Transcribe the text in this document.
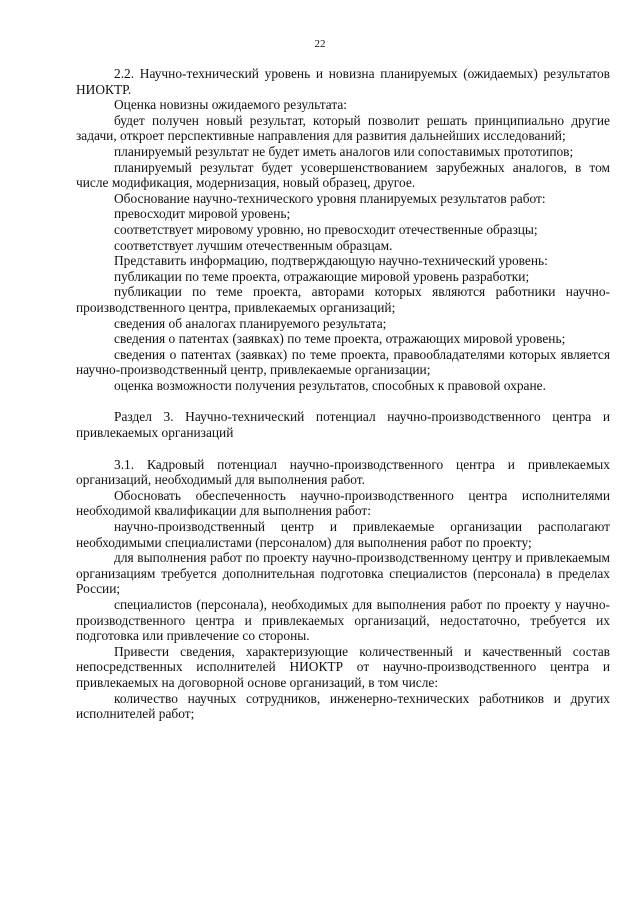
22

2.2. Научно-технический уровень и новизна планируемых (ожидаемых) результатов НИОКТР.

Оценка новизны ожидаемого результата:

будет получен новый результат, который позволит решать принципиально другие задачи, откроет перспективные направления для развития дальнейших исследований;

планируемый результат не будет иметь аналогов или сопоставимых прототипов;

планируемый результат будет усовершенствованием зарубежных аналогов, в том числе модификация, модернизация, новый образец, другое.

Обоснование научно-технического уровня планируемых результатов работ:

превосходит мировой уровень;

соответствует мировому уровню, но превосходит отечественные образцы;

соответствует лучшим отечественным образцам.

Представить информацию, подтверждающую научно-технический уровень:

публикации по теме проекта, отражающие мировой уровень разработки;

публикации по теме проекта, авторами которых являются работники научно-производственного центра, привлекаемых организаций;

сведения об аналогах планируемого результата;

сведения о патентах (заявках) по теме проекта, отражающих мировой уровень;

сведения о патентах (заявках) по теме проекта, правообладателями которых является научно-производственный центр, привлекаемые организации;

оценка возможности получения результатов, способных к правовой охране.

Раздел 3. Научно-технический потенциал научно-производственного центра и привлекаемых организаций

3.1. Кадровый потенциал научно-производственного центра и привлекаемых организаций, необходимый для выполнения работ.

Обосновать обеспеченность научно-производственного центра исполнителями необходимой квалификации для выполнения работ:

научно-производственный центр и привлекаемые организации располагают необходимыми специалистами (персоналом) для выполнения работ по проекту;

для выполнения работ по проекту научно-производственному центру и привлекаемым организациям требуется дополнительная подготовка специалистов (персонала) в пределах России;

специалистов (персонала), необходимых для выполнения работ по проекту у научно-производственного центра и привлекаемых организаций, недостаточно, требуется их подготовка или привлечение со стороны.

Привести сведения, характеризующие количественный и качественный состав непосредственных исполнителей НИОКТР от научно-производственного центра и привлекаемых на договорной основе организаций, в том числе:

количество научных сотрудников, инженерно-технических работников и других исполнителей работ;
